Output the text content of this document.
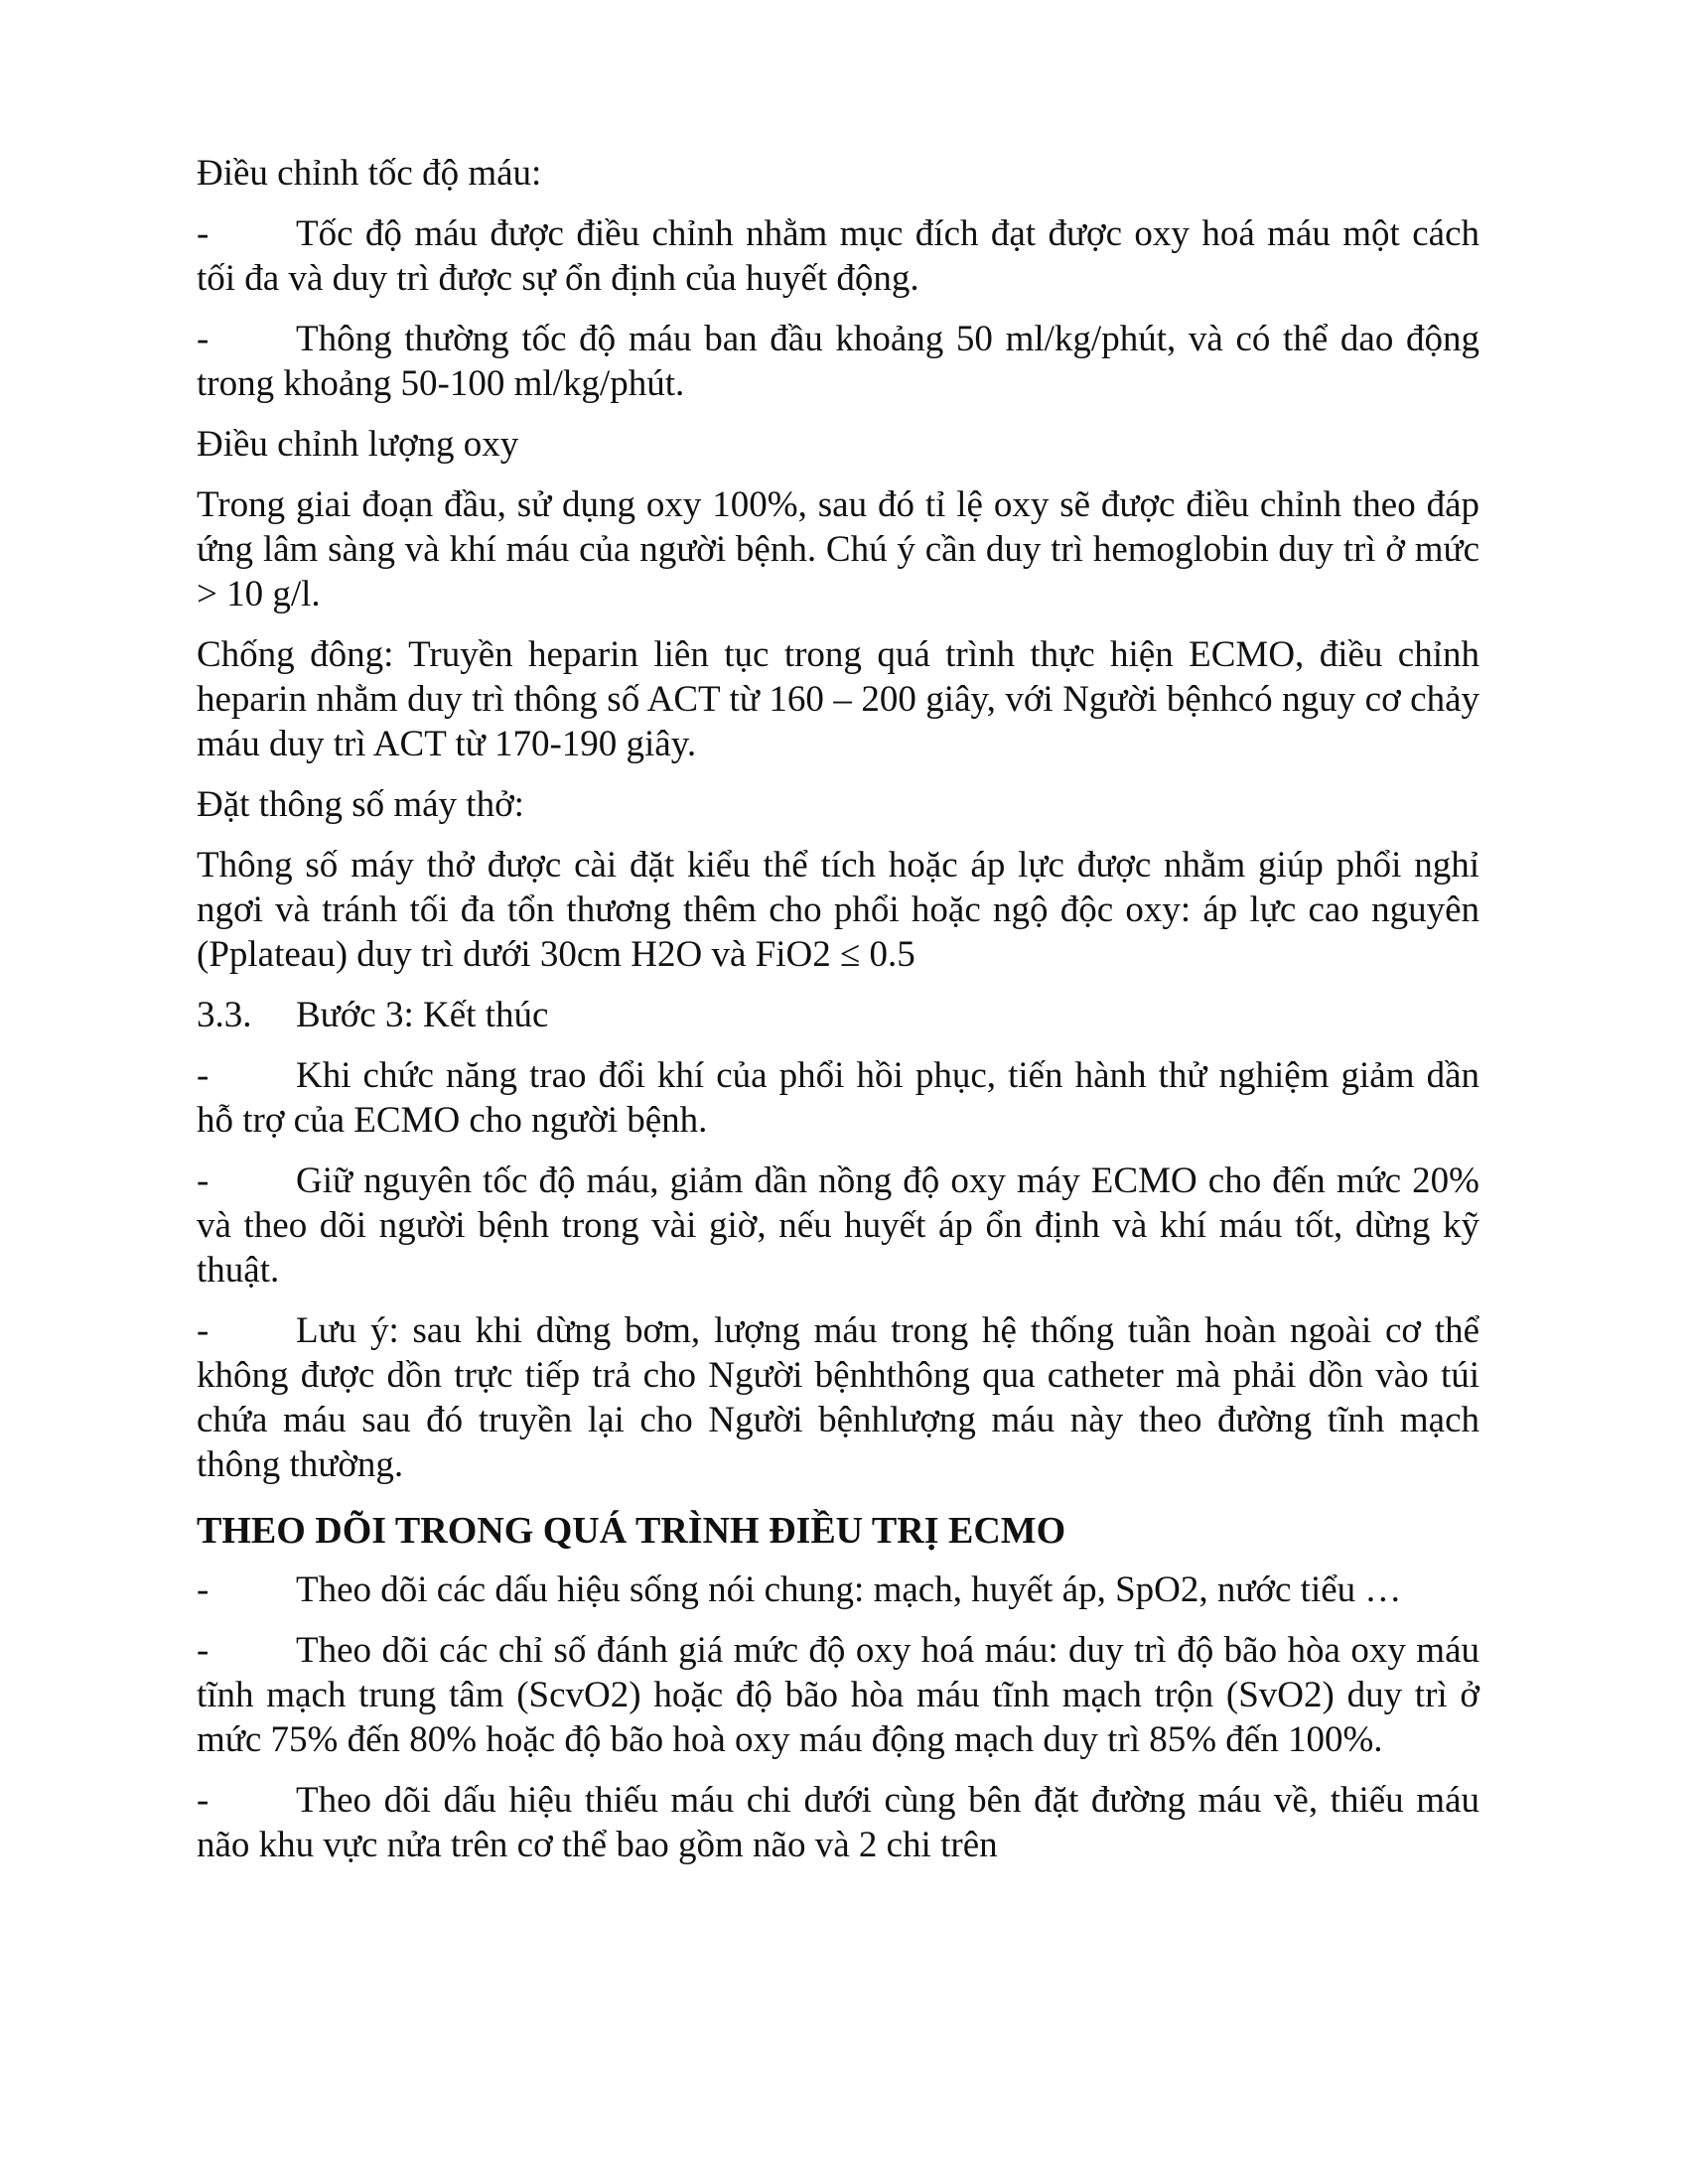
Điều chỉnh tốc độ máu:

- Tốc độ máu được điều chỉnh nhằm mục đích đạt được oxy hoá máu một cách tối đa và duy trì được sự ổn định của huyết động.

- Thông thường tốc độ máu ban đầu khoảng 50 ml/kg/phút, và có thể dao động trong khoảng 50-100 ml/kg/phút.

Điều chỉnh lượng oxy

Trong giai đoạn đầu, sử dụng oxy 100%, sau đó tỉ lệ oxy sẽ được điều chỉnh theo đáp ứng lâm sàng và khí máu của người bệnh. Chú ý cần duy trì hemoglobin duy trì ở mức > 10 g/l.

Chống đông: Truyền heparin liên tục trong quá trình thực hiện ECMO, điều chỉnh heparin nhằm duy trì thông số ACT từ 160 – 200 giây, với Người bệnhcó nguy cơ chảy máu duy trì ACT từ 170-190 giây.

Đặt thông số máy thở:

Thông số máy thở được cài đặt kiểu thể tích hoặc áp lực được nhằm giúp phổi nghỉ ngơi và tránh tối đa tổn thương thêm cho phổi hoặc ngộ độc oxy: áp lực cao nguyên (Pplateau) duy trì dưới 30cm H2O và FiO2 ≤ 0.5

3.3. Bước 3: Kết thúc

- Khi chức năng trao đổi khí của phổi hồi phục, tiến hành thử nghiệm giảm dần hỗ trợ của ECMO cho người bệnh.

- Giữ nguyên tốc độ máu, giảm dần nồng độ oxy máy ECMO cho đến mức 20% và theo dõi người bệnh trong vài giờ, nếu huyết áp ổn định và khí máu tốt, dừng kỹ thuật.

- Lưu ý: sau khi dừng bơm, lượng máu trong hệ thống tuần hoàn ngoài cơ thể không được dồn trực tiếp trả cho Người bệnhthông qua catheter mà phải dồn vào túi chứa máu sau đó truyền lại cho Người bệnhlượng máu này theo đường tĩnh mạch thông thường.

THEO DÕI TRONG QUÁ TRÌNH ĐIỀU TRỊ ECMO

- Theo dõi các dấu hiệu sống nói chung: mạch, huyết áp, SpO2, nước tiểu …

- Theo dõi các chỉ số đánh giá mức độ oxy hoá máu: duy trì độ bão hòa oxy máu tĩnh mạch trung tâm (ScvO2) hoặc độ bão hòa máu tĩnh mạch trộn (SvO2) duy trì ở mức 75% đến 80% hoặc độ bão hoà oxy máu động mạch duy trì 85% đến 100%.

- Theo dõi dấu hiệu thiếu máu chi dưới cùng bên đặt đường máu về, thiếu máu não khu vực nửa trên cơ thể bao gồm não và 2 chi trên
